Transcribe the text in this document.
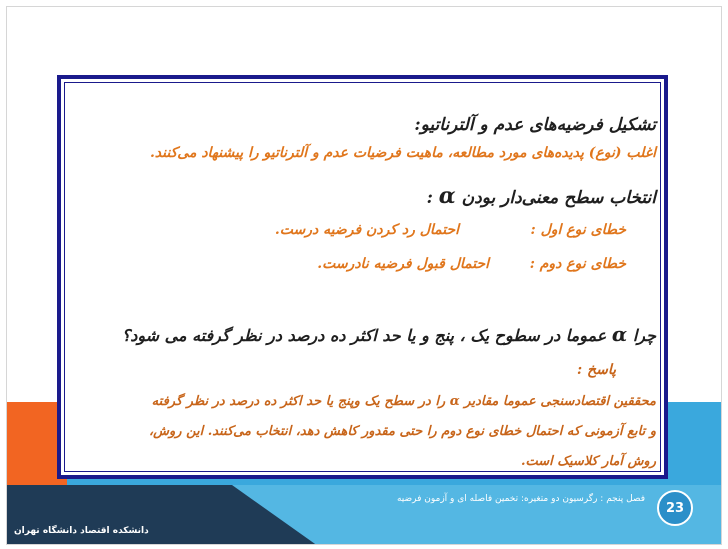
تشکیل فرضیه‌های عدم و آلترناتیو:
اغلب (نوع) پدیده‌های مورد مطالعه، ماهیت فرضیات عدم و آلترناتیو را پیشنهاد می‌کنند.
انتخاب سطح معنی‌دار بودن α :
خطای نوع اول :
احتمال رد کردن فرضیه درست.
خطای نوع دوم :
احتمال قبول فرضیه نادرست.
چرا α عموما در سطوح یک ، پنج و یا حد اکثر ده درصد در نظر گرفته می شود؟
پاسخ :
محققین اقتصادسنجی عموما مقادیر α را در سطح یک وپنج یا حد اکثر ده درصد در نظر گرفته
و تابع آزمونی که احتمال خطای نوع دوم را حتی مقدور کاهش دهد، انتخاب می‌کنند. این روش،
روش آمار کلاسیک است.
فصل پنجم : رگرسیون دو متغیره: تخمین فاصله ای و آزمون فرضیه
23
دانشکده اقتصاد دانشگاه تهران
